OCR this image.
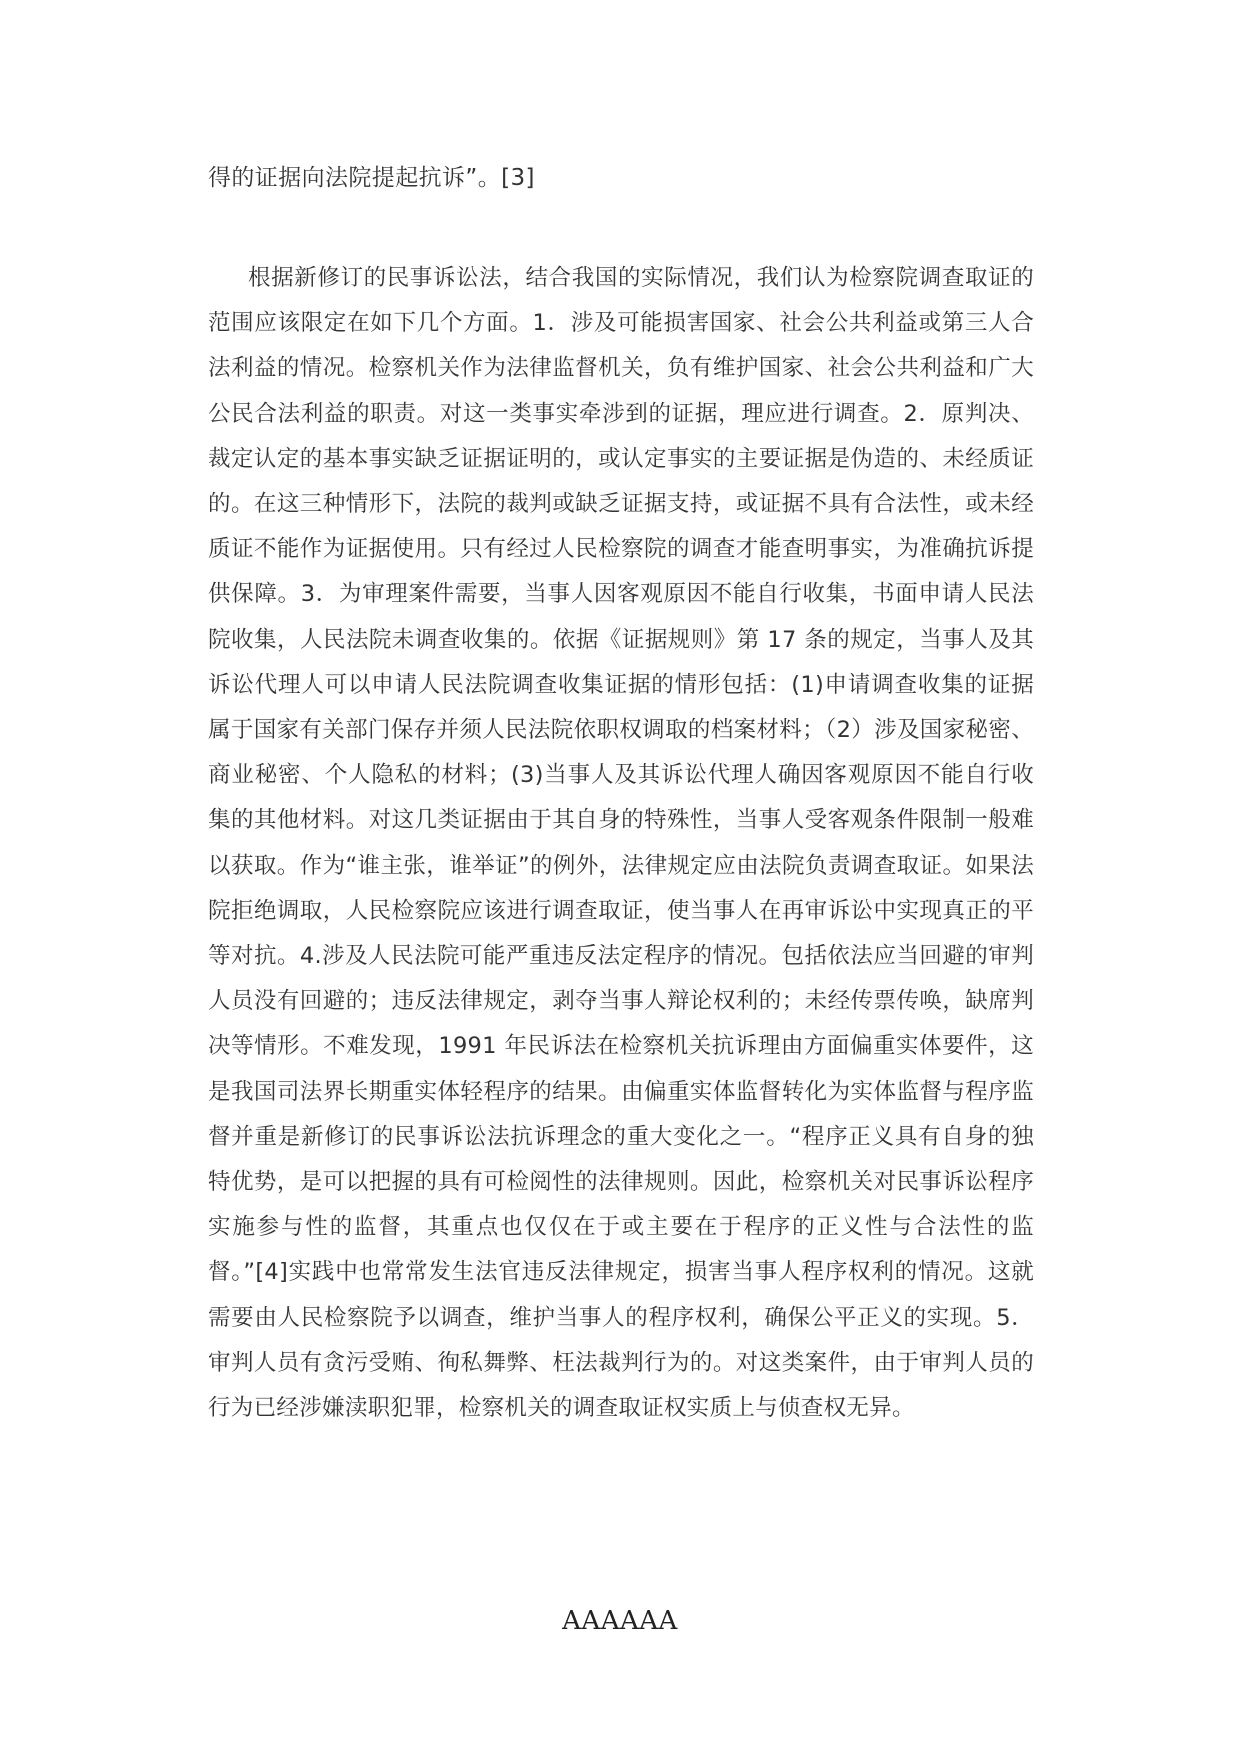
得的证据向法院提起抗诉”。[3]
根据新修订的民事诉讼法，结合我国的实际情况，我们认为检察院调查取证的范围应该限定在如下几个方面。1．涉及可能损害国家、社会公共利益或第三人合法利益的情况。检察机关作为法律监督机关，负有维护国家、社会公共利益和广大公民合法利益的职责。对这一类事实牵涉到的证据，理应进行调查。2．原判决、裁定认定的基本事实缺乏证据证明的，或认定事实的主要证据是伪造的、未经质证的。在这三种情形下，法院的裁判或缺乏证据支持，或证据不具有合法性，或未经质证不能作为证据使用。只有经过人民检察院的调查才能查明事实，为准确抗诉提供保障。3．为审理案件需要，当事人因客观原因不能自行收集，书面申请人民法院收集，人民法院未调查收集的。依据《证据规则》第 17 条的规定，当事人及其诉讼代理人可以申请人民法院调查收集证据的情形包括：(1)申请调查收集的证据属于国家有关部门保存并须人民法院依职权调取的档案材料；（2）涉及国家秘密、商业秘密、个人隐私的材料；(3)当事人及其诉讼代理人确因客观原因不能自行收集的其他材料。对这几类证据由于其自身的特殊性，当事人受客观条件限制一般难以获取。作为“谁主张，谁举证”的例外，法律规定应由法院负责调查取证。如果法院拒绝调取，人民检察院应该进行调查取证，使当事人在再审诉讼中实现真正的平等对抗。4.涉及人民法院可能严重违反法定程序的情况。包括依法应当回避的审判人员没有回避的；违反法律规定，剥夺当事人辩论权利的；未经传票传唤，缺席判决等情形。不难发现，1991 年民诉法在检察机关抗诉理由方面偏重实体要件，这是我国司法界长期重实体轻程序的结果。由偏重实体监督转化为实体监督与程序监督并重是新修订的民事诉讼法抗诉理念的重大变化之一。“程序正义具有自身的独特优势，是可以把握的具有可检阅性的法律规则。因此，检察机关对民事诉讼程序实施参与性的监督，其重点也仅仅在于或主要在于程序的正义性与合法性的监督。”[4]实践中也常常发生法官违反法律规定，损害当事人程序权利的情况。这就需要由人民检察院予以调查，维护当事人的程序权利，确保公平正义的实现。5．审判人员有贪污受贿、徇私舞弊、枉法裁判行为的。对这类案件，由于审判人员的行为已经涉嫌渎职犯罪，检察机关的调查取证权实质上与侦查权无异。
AAAAAA
